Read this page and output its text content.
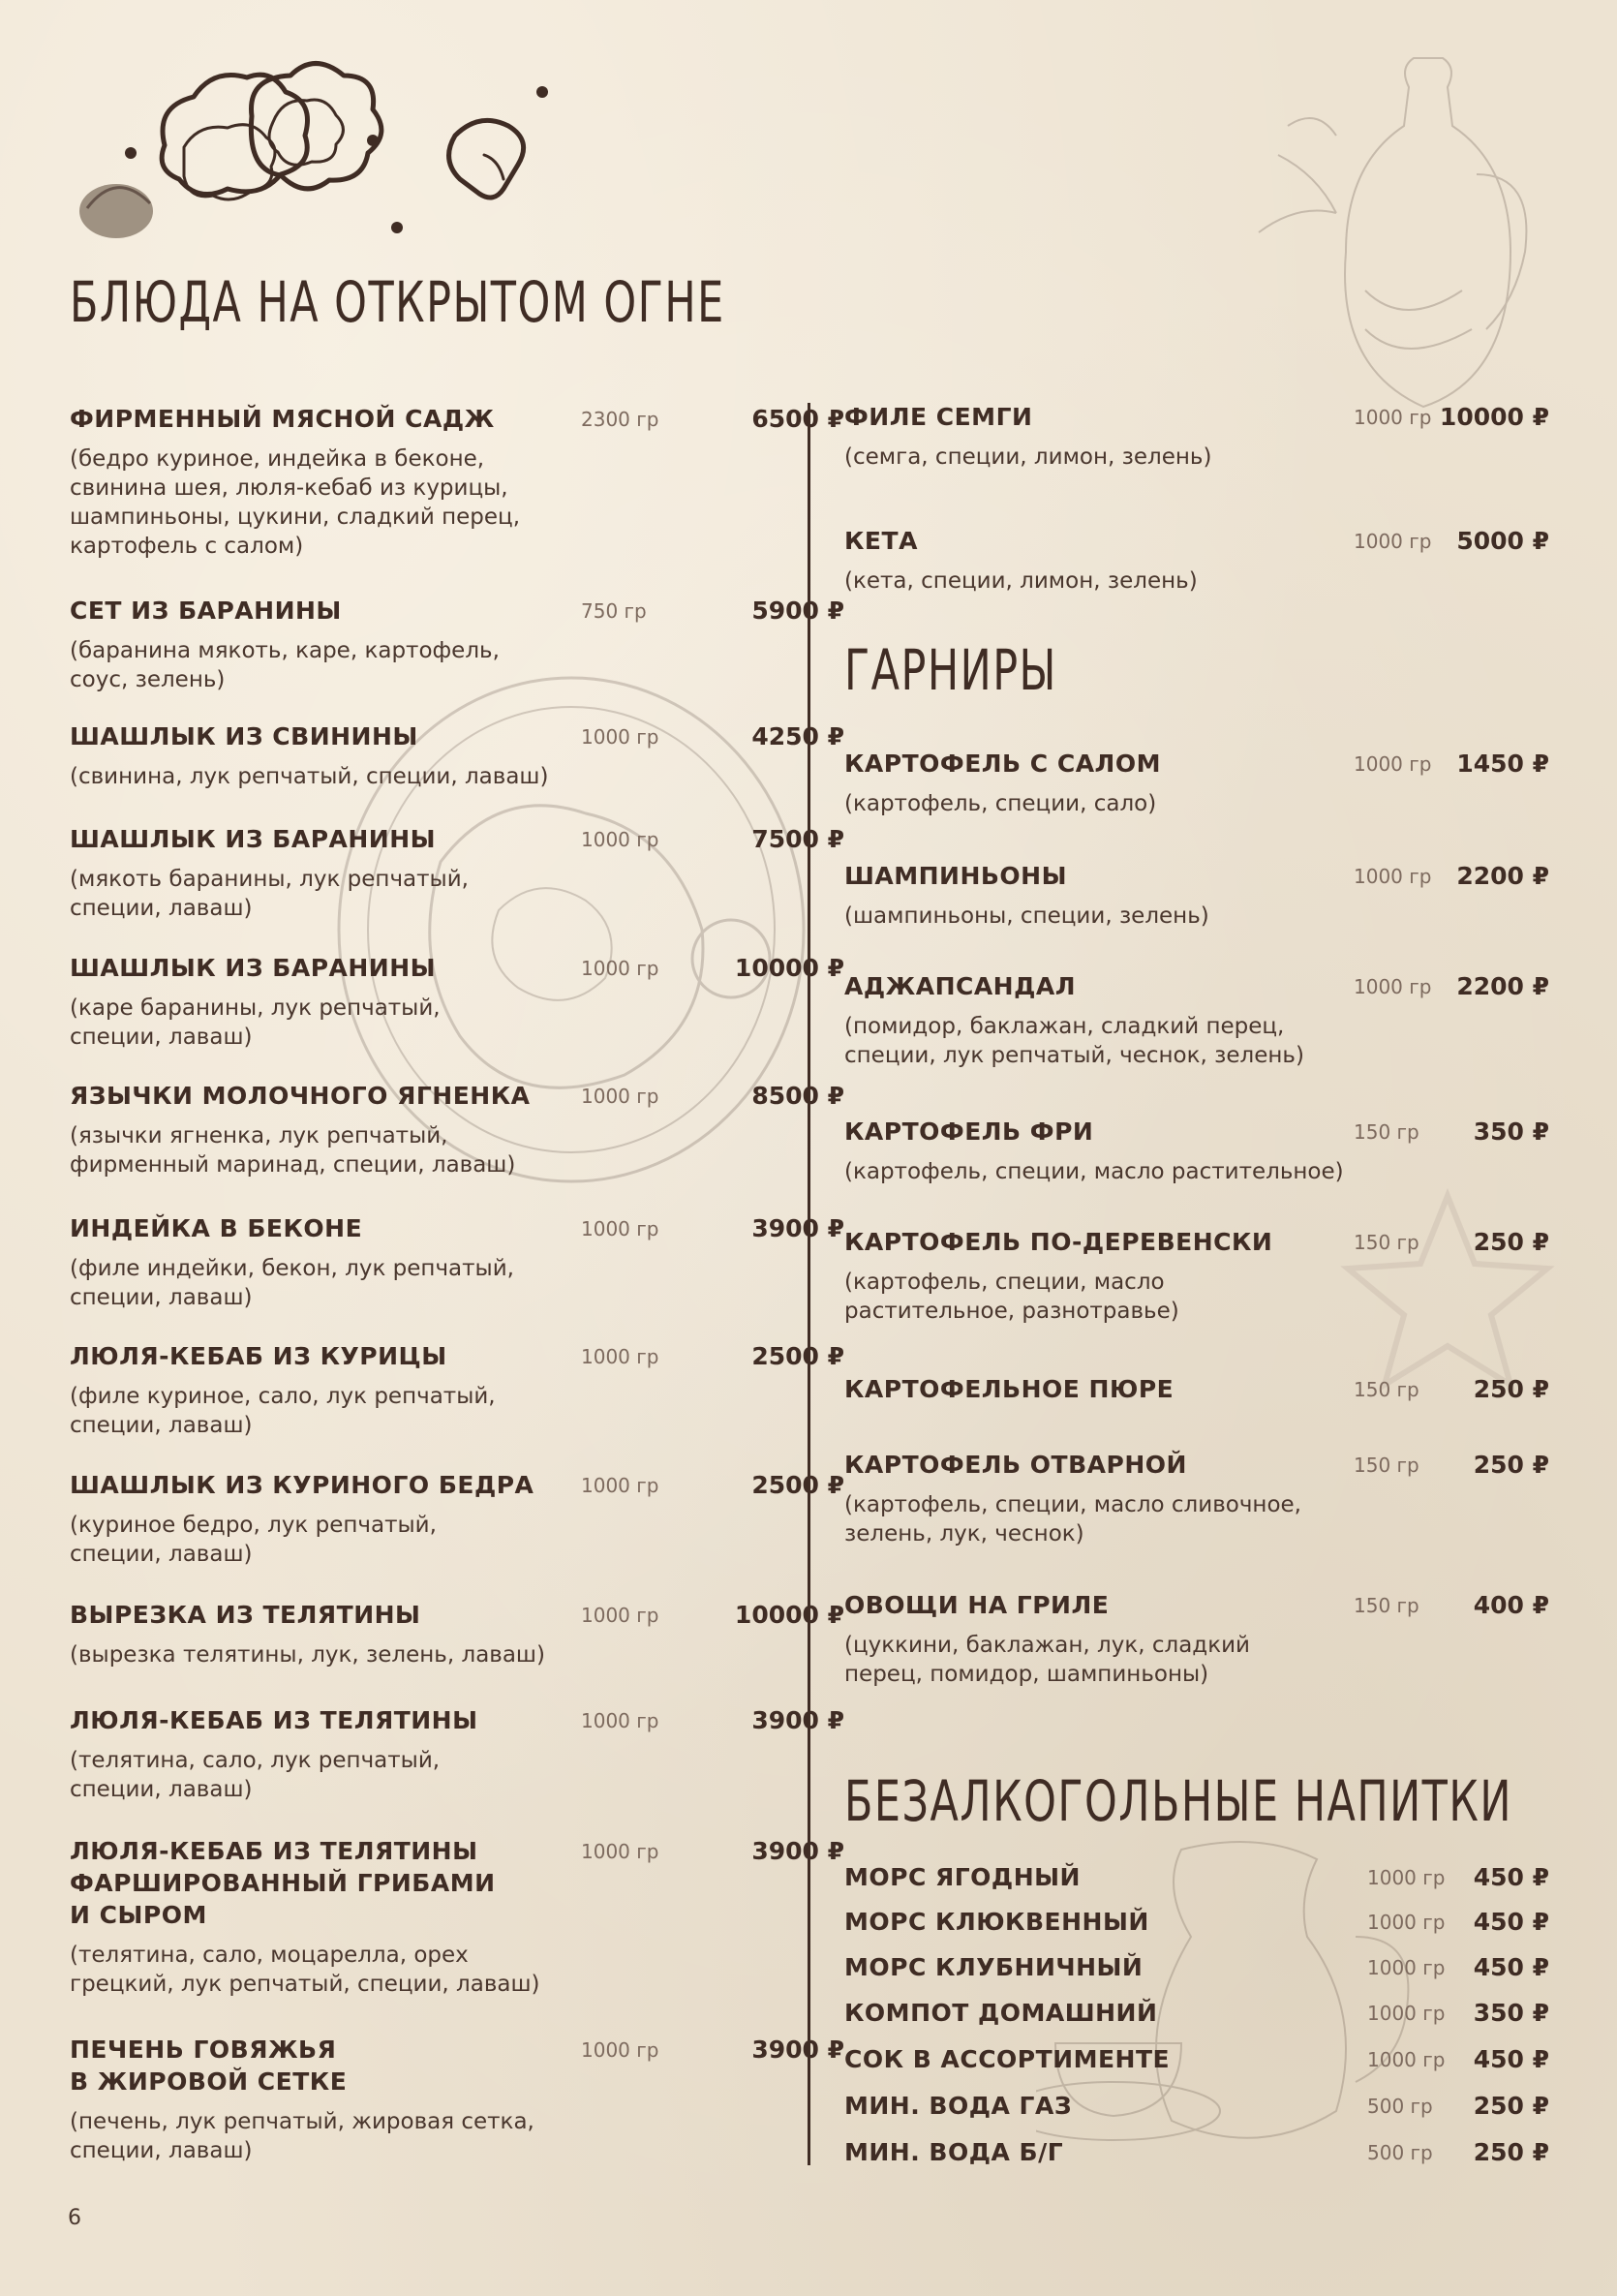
БЛЮДА НА ОТКРЫТОМ ОГНЕ
ГАРНИРЫ
БЕЗАЛКОГОЛЬНЫЕ НАПИТКИ
ФИРМЕННЫЙ МЯСНОЙ САДЖ	2300 гр	6500 ₽
(бедро куриное, индейка в беконе,
свинина шея, люля-кебаб из курицы,
шампиньоны, цукини, сладкий перец,
картофель с салом)
СЕТ ИЗ БАРАНИНЫ	750 гр	5900 ₽
(баранина мякоть, каре, картофель,
соус, зелень)
ШАШЛЫК ИЗ СВИНИНЫ	1000 гр	4250 ₽
(свинина, лук репчатый, специи, лаваш)
ШАШЛЫК ИЗ БАРАНИНЫ	1000 гр	7500 ₽
(мякоть баранины, лук репчатый,
специи, лаваш)
ШАШЛЫК ИЗ БАРАНИНЫ	1000 гр	10000 ₽
(каре баранины, лук репчатый,
специи, лаваш)
ЯЗЫЧКИ МОЛОЧНОГО ЯГНЕНКА	1000 гр	8500 ₽
(язычки ягненка, лук репчатый,
фирменный маринад, специи, лаваш)
ИНДЕЙКА В БЕКОНЕ	1000 гр	3900 ₽
(филе индейки, бекон, лук репчатый,
специи, лаваш)
ЛЮЛЯ-КЕБАБ ИЗ КУРИЦЫ	1000 гр	2500 ₽
(филе куриное, сало, лук репчатый,
специи, лаваш)
ШАШЛЫК ИЗ КУРИНОГО БЕДРА 1000 гр	2500 ₽
(куриное бедро, лук репчатый,
специи, лаваш)
ВЫРЕЗКА ИЗ ТЕЛЯТИНЫ	1000 гр	10000 ₽
(вырезка телятины, лук, зелень, лаваш)
ЛЮЛЯ-КЕБАБ ИЗ ТЕЛЯТИНЫ	1000 гр	3900 ₽
(телятина, сало, лук репчатый,
специи, лаваш)
ЛЮЛЯ-КЕБАБ ИЗ ТЕЛЯТИНЫ
ФАРШИРОВАННЫЙ ГРИБАМИ
И СЫРОМ
1000 гр	3900 ₽
(телятина, сало, моцарелла, орех
грецкий, лук репчатый, специи, лаваш)
ПЕЧЕНЬ ГОВЯЖЬЯ
В ЖИРОВОЙ СЕТКЕ
1000 гр	3900 ₽
(печень, лук репчатый, жировая сетка,
специи, лаваш)
ФИЛЕ СЕМГИ	1000 гр 10000 ₽
(семга, специи, лимон, зелень)
КЕТА	1000 гр	5000 ₽
(кета, специи, лимон, зелень)
КАРТОФЕЛЬ С САЛОМ	1000 гр	1450 ₽
(картофель, специи, сало)
ШАМПИНЬОНЫ	1000 гр	2200 ₽
(шампиньоны, специи, зелень)
АДЖАПСАНДАЛ	1000 гр	2200 ₽
(помидор, баклажан, сладкий перец,
специи, лук репчатый, чеснок, зелень)
КАРТОФЕЛЬ ФРИ	150 гр	350 ₽
(картофель, специи, масло растительное)
КАРТОФЕЛЬ ПО-ДЕРЕВЕНСКИ	150 гр	250 ₽
(картофель, специи, масло
растительное, разнотравье)
КАРТОФЕЛЬНОЕ ПЮРЕ	150 гр	250 ₽
КАРТОФЕЛЬ ОТВАРНОЙ	150 гр	250 ₽
(картофель, специи, масло сливочное,
зелень, лук, чеснок)
ОВОЩИ НА ГРИЛЕ	150 гр	400 ₽
(цуккини, баклажан, лук, сладкий
перец, помидор, шампиньоны)
МОРС ЯГОДНЫЙ	1000 гр	450 ₽
МОРС КЛЮКВЕННЫЙ	1000 гр	450 ₽
МОРС КЛУБНИЧНЫЙ	1000 гр	450 ₽
КОМПОТ ДОМАШНИЙ	1000 гр	350 ₽
СОК В АССОРТИМЕНТЕ	1000 гр	450 ₽
МИН. ВОДА ГАЗ	500 гр	250 ₽
МИН. ВОДА Б/Г	500 гр	250 ₽
6
